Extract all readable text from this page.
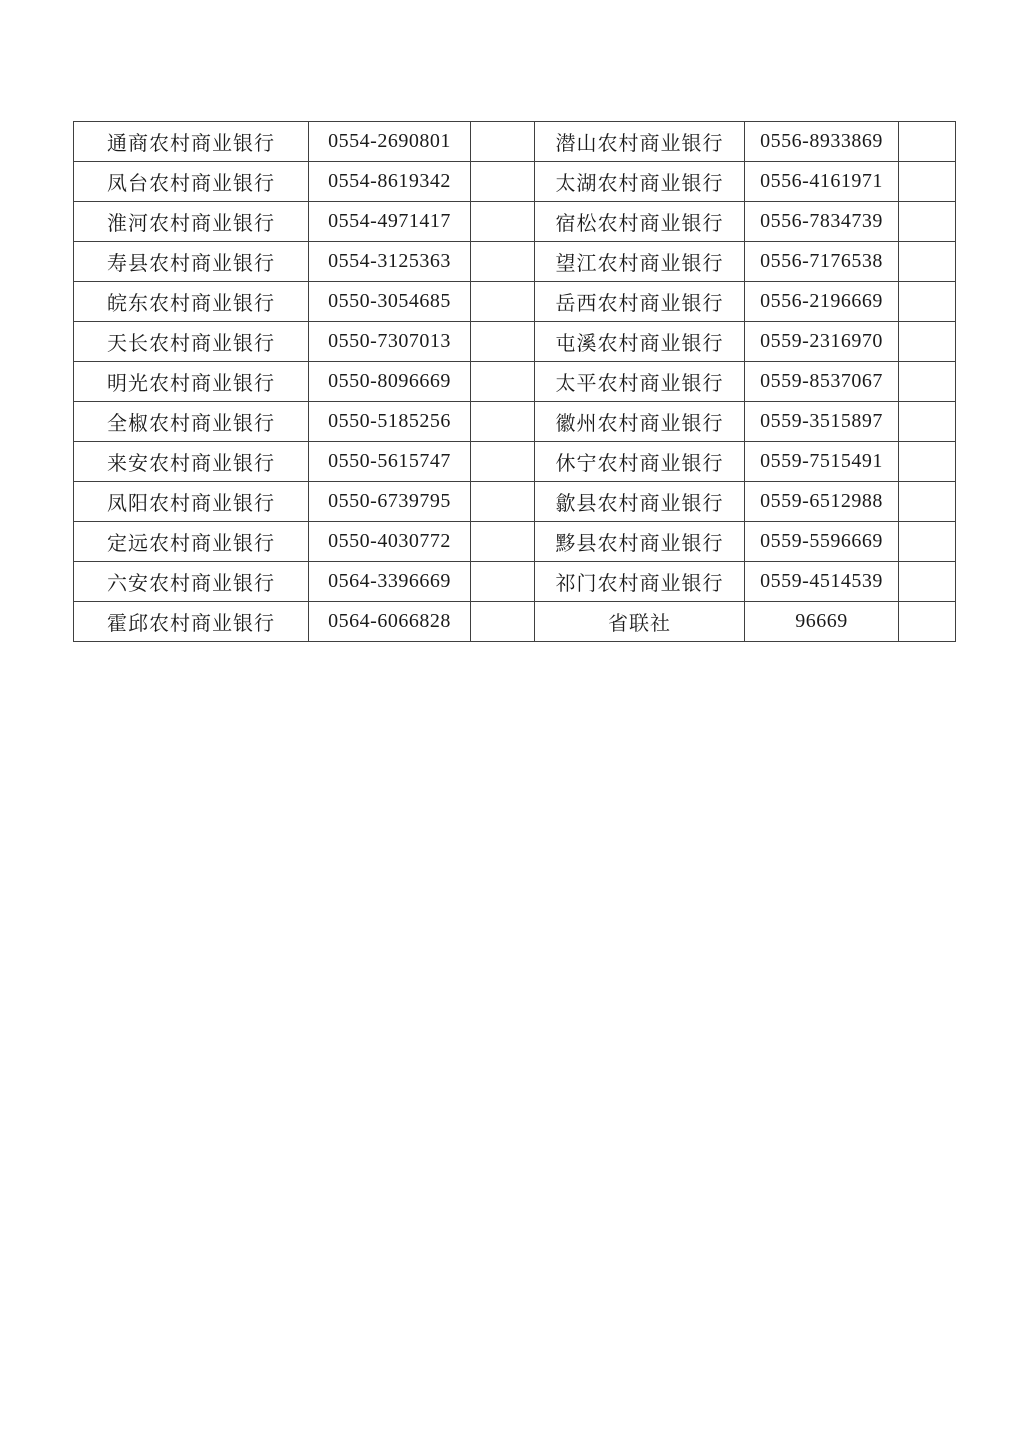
通商农村商业银行	0554-2690801		潜山农村商业银行	0556-8933869	
凤台农村商业银行	0554-8619342		太湖农村商业银行	0556-4161971	
淮河农村商业银行	0554-4971417		宿松农村商业银行	0556-7834739	
寿县农村商业银行	0554-3125363		望江农村商业银行	0556-7176538	
皖东农村商业银行	0550-3054685		岳西农村商业银行	0556-2196669	
天长农村商业银行	0550-7307013		屯溪农村商业银行	0559-2316970	
明光农村商业银行	0550-8096669		太平农村商业银行	0559-8537067	
全椒农村商业银行	0550-5185256		徽州农村商业银行	0559-3515897	
来安农村商业银行	0550-5615747		休宁农村商业银行	0559-7515491	
凤阳农村商业银行	0550-6739795		歙县农村商业银行	0559-6512988	
定远农村商业银行	0550-4030772		黟县农村商业银行	0559-5596669	
六安农村商业银行	0564-3396669		祁门农村商业银行	0559-4514539	
霍邱农村商业银行	0564-6066828		省联社	96669	
